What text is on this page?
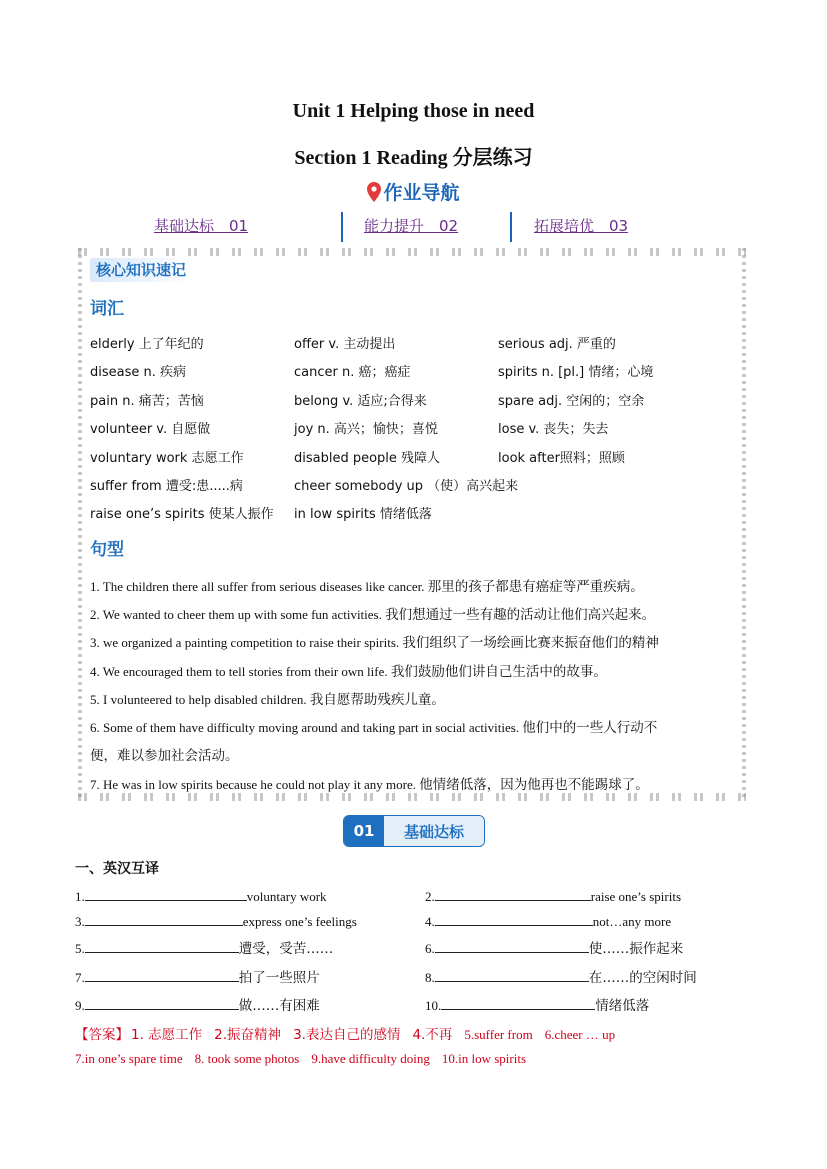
Unit 1 Helping those in need
Section 1 Reading 分层练习
作业导航
基础达标　01	能力提升　02	拓展培优　03
核心知识速记
词汇
elderly 上了年纪的	offer v. 主动提出	serious adj. 严重的
disease n. 疾病	cancer n. 癌；癌症	spirits n. [pl.] 情绪；心境
pain n. 痛苦；苦恼	belong v. 适应;合得来	spare adj. 空闲的；空余
volunteer v. 自愿做	joy n. 高兴；愉快；喜悦	lose v. 丧失；失去
voluntary work 志愿工作	disabled people 残障人	look after照料；照顾
suffer from 遭受:患.....病	cheer somebody up （使）高兴起来
raise one’s spirits 使某人振作 in low spirits 情绪低落
句型
1. The children there all suffer from serious diseases like cancer. 那里的孩子都患有癌症等严重疾病。
2. We wanted to cheer them up with some fun activities. 我们想通过一些有趣的活动让他们高兴起来。
3. we organized a painting competition to raise their spirits. 我们组织了一场绘画比赛来振奋他们的精神
4. We encouraged them to tell stories from their own life. 我们鼓励他们讲自己生活中的故事。
5. I volunteered to help disabled children. 我自愿帮助残疾儿童。
6. Some of them have difficulty moving around and taking part in social activities. 他们中的一些人行动不
便，难以参加社会活动。
7. He was in low spirits because he could not play it any more. 他情绪低落，因为他再也不能踢球了。
01	基础达标
一、英汉互译
1.	voluntary work	2.	raise one’s spirits
3.	express one’s feelings	4.	not…any more
5.	遭受，受苦……	6.	使……振作起来
7.	拍了一些照片	8.	在……的空闲时间
9.	做……有困难	10.	情绪低落
【答案】 1. 志愿工作 2.振奋精神 3.表达自己的感情 4.不再 5.suffer from 6.cheer … up
7.in one’s spare time 8. took some photos 9.have difficulty doing 10.in low spirits
